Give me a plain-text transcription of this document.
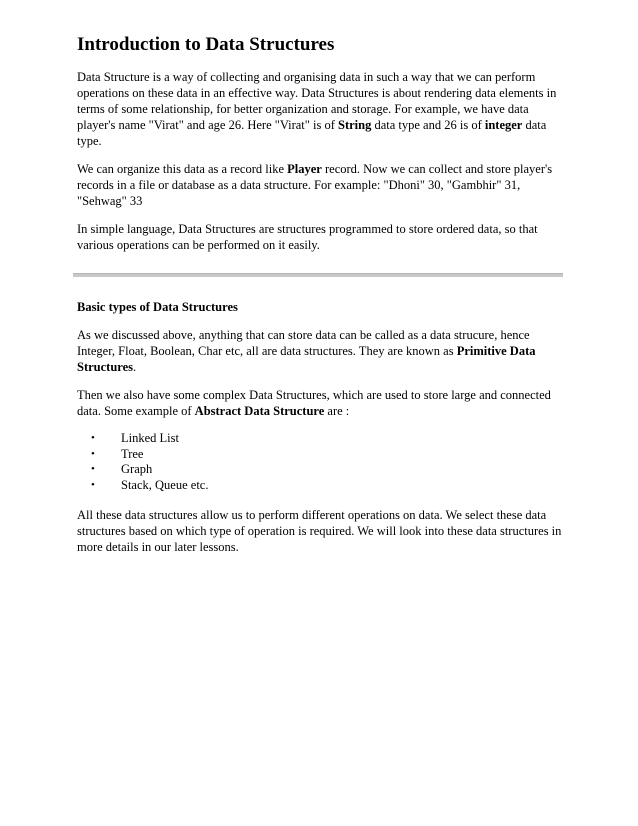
Introduction to Data Structures

Data Structure is a way of collecting and organising data in such a way that we can perform operations on these data in an effective way. Data Structures is about rendering data elements in terms of some relationship, for better organization and storage. For example, we have data player's name "Virat" and age 26. Here "Virat" is of String data type and 26 is of integer data type.

We can organize this data as a record like Player record. Now we can collect and store player's records in a file or database as a data structure. For example: "Dhoni" 30, "Gambhir" 31, "Sehwag" 33

In simple language, Data Structures are structures programmed to store ordered data, so that various operations can be performed on it easily.

Basic types of Data Structures

As we discussed above, anything that can store data can be called as a data strucure, hence Integer, Float, Boolean, Char etc, all are data structures. They are known as Primitive Data Structures.

Then we also have some complex Data Structures, which are used to store large and connected data. Some example of Abstract Data Structure are :

• Linked List
• Tree
• Graph
• Stack, Queue etc.

All these data structures allow us to perform different operations on data. We select these data structures based on which type of operation is required. We will look into these data structures in more details in our later lessons.
